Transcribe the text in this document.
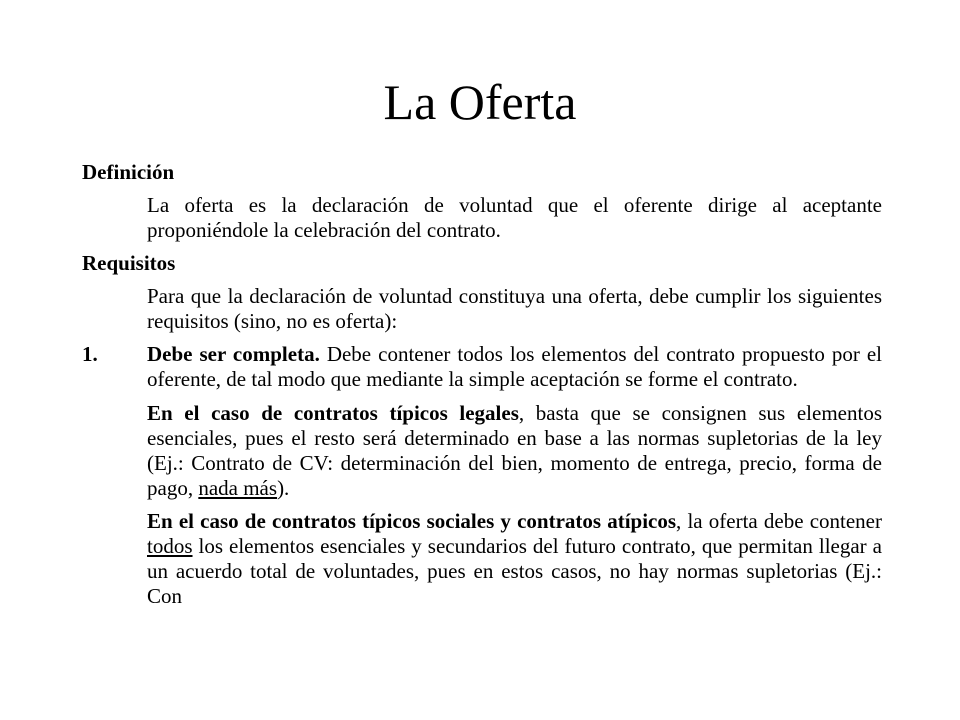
La Oferta
Definición
La oferta es la declaración de voluntad que el oferente dirige al aceptante proponiéndole la celebración del contrato.
Requisitos
Para que la declaración de voluntad constituya una oferta, debe cumplir los siguientes requisitos (sino, no es oferta):
1.	Debe ser completa. Debe contener todos los elementos del contrato propuesto por el oferente, de tal modo que mediante la simple aceptación se forme el contrato.
En el caso de contratos típicos legales, basta que se consignen sus elementos esenciales, pues el resto será determinado en base a las normas supletorias de la ley (Ej.: Contrato de CV: determinación del bien, momento de entrega, precio, forma de pago, nada más).
En el caso de contratos típicos sociales y contratos atípicos, la oferta debe contener todos los elementos esenciales y secundarios del futuro contrato, que permitan llegar a un acuerdo total de voluntades, pues en estos casos, no hay normas supletorias (Ej.: Con
